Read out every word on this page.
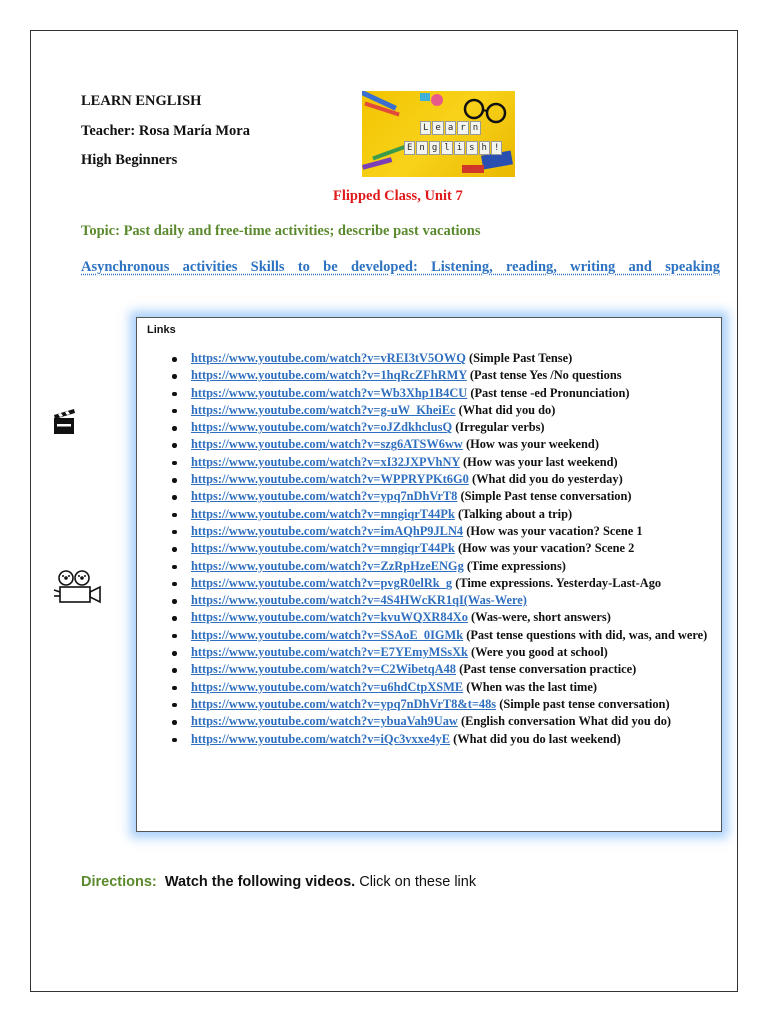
LEARN ENGLISH
Teacher: Rosa María Mora
High Beginners
L e a r n
E n g l i s h !
Flipped Class, Unit 7
Topic: Past daily and free-time activities; describe past vacations
Asynchronous activities Skills to be developed: Listening, reading, writing and speaking
Links
https://www.youtube.com/watch?v=vREI3tV5OWQ (Simple Past Tense)
https://www.youtube.com/watch?v=1hqRcZFhRMY (Past tense Yes /No questions
https://www.youtube.com/watch?v=Wb3Xhp1B4CU (Past tense -ed Pronunciation)
https://www.youtube.com/watch?v=g-uW_KheiEc (What did you do)
https://www.youtube.com/watch?v=oJZdkhclusQ (Irregular verbs)
https://www.youtube.com/watch?v=szg6ATSW6ww (How was your weekend)
https://www.youtube.com/watch?v=xI32JXPVhNY (How was your last weekend)
https://www.youtube.com/watch?v=WPPRYPKt6G0 (What did you do yesterday)
https://www.youtube.com/watch?v=ypq7nDhVrT8 (Simple Past tense conversation)
https://www.youtube.com/watch?v=mngiqrT44Pk (Talking about a trip)
https://www.youtube.com/watch?v=imAQhP9JLN4 (How was your vacation? Scene 1
https://www.youtube.com/watch?v=mngiqrT44Pk (How was your vacation? Scene 2
https://www.youtube.com/watch?v=ZzRpHzeENGg (Time expressions)
https://www.youtube.com/watch?v=pvgR0elRk_g (Time expressions. Yesterday-Last-Ago
https://www.youtube.com/watch?v=4S4HWcKR1qI(Was-Were)
https://www.youtube.com/watch?v=kvuWQXR84Xo (Was-were, short answers)
https://www.youtube.com/watch?v=SSAoE_0IGMk (Past tense questions with did, was, and were)
https://www.youtube.com/watch?v=E7YEmyMSsXk (Were you good at school)
https://www.youtube.com/watch?v=C2WibetqA48 (Past tense conversation practice)
https://www.youtube.com/watch?v=u6hdCtpXSME (When was the last time)
https://www.youtube.com/watch?v=ypq7nDhVrT8&t=48s (Simple past tense conversation)
https://www.youtube.com/watch?v=ybuaVah9Uaw (English conversation What did you do)
https://www.youtube.com/watch?v=iQc3vxxe4yE (What did you do last weekend)
Directions: Watch the following videos. Click on these link
